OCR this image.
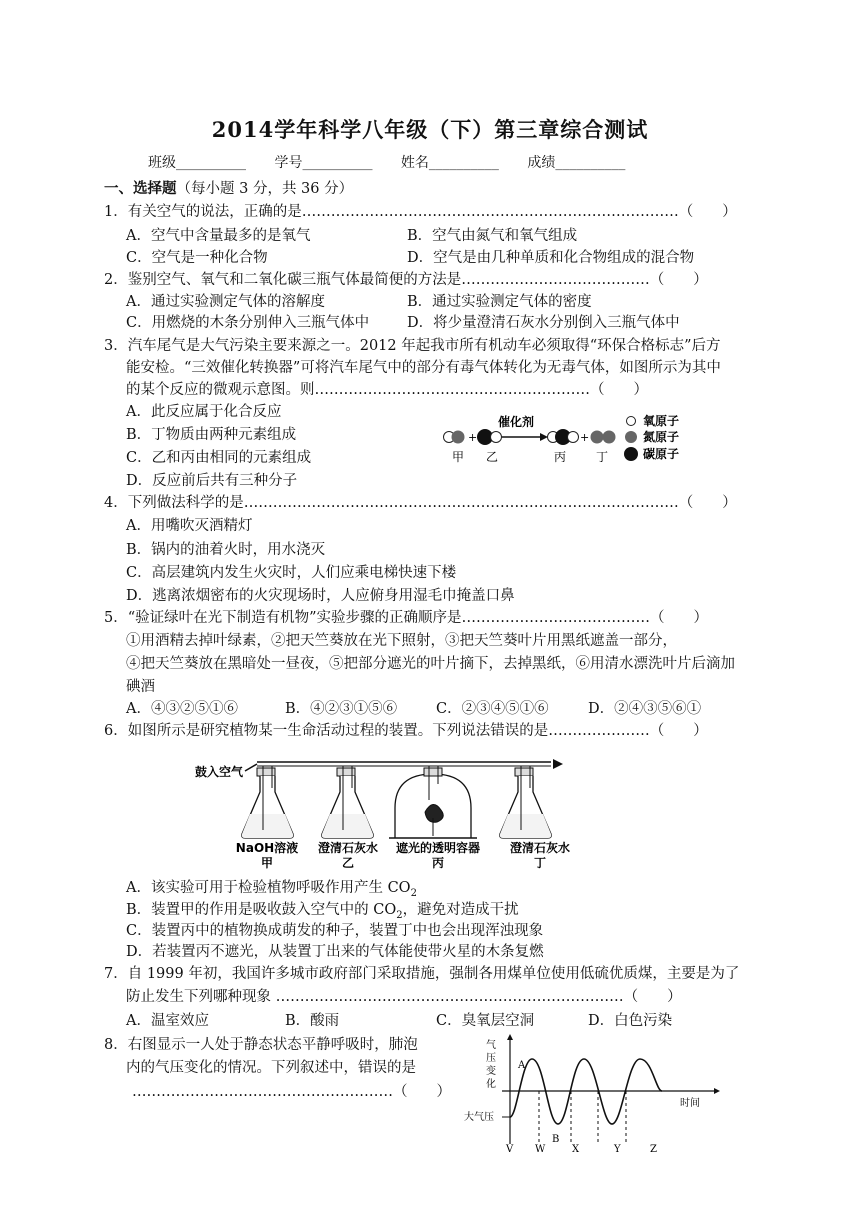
2014学年科学八年级（下）第三章综合测试
班级__________ 学号__________ 姓名__________ 成绩__________
一、选择题（每小题 3 分，共 36 分）
1．有关空气的说法，正确的是……………………………………………………………………（　　）
A．空气中含量最多的是氧气	B．空气由氮气和氧气组成
C．空气是一种化合物	D．空气是由几种单质和化合物组成的混合物
2．鉴别空气、氧气和二氧化碳三瓶气体最简便的方法是…………………………………（　　）
A．通过实验测定气体的溶解度	B．通过实验测定气体的密度
C．用燃烧的木条分别伸入三瓶气体中	D．将少量澄清石灰水分别倒入三瓶气体中
3．汽车尾气是大气污染主要来源之一。2012 年起我市所有机动车必须取得“环保合格标志”后方
能安检。“三效催化转换器”可将汽车尾气中的部分有毒气体转化为无毒气体，如图所示为其中
的某个反应的微观示意图。则…………………………………………………（　　）
A．此反应属于化合反应
B．丁物质由两种元素组成
C．乙和丙由相同的元素组成
D．反应前后共有三种分子
+
催化剂
+
甲 乙	丙 丁
氧原子
氮原子
碳原子
4．下列做法科学的是………………………………………………………………………………（　　）
A．用嘴吹灭酒精灯
B．锅内的油着火时，用水浇灭
C．高层建筑内发生火灾时，人们应乘电梯快速下楼
D．逃离浓烟密布的火灾现场时，人应俯身用湿毛巾掩盖口鼻
5．“验证绿叶在光下制造有机物”实验步骤的正确顺序是…………………………………（　　）
①用酒精去掉叶绿素，②把天竺葵放在光下照射，③把天竺葵叶片用黑纸遮盖一部分，
④把天竺葵放在黑暗处一昼夜，⑤把部分遮光的叶片摘下，去掉黑纸，⑥用清水漂洗叶片后滴加
碘酒
A．④③②⑤①⑥	B．④②③①⑤⑥	C．②③④⑤①⑥	D．②④③⑤⑥①
6．如图所示是研究植物某一生命活动过程的装置。下列说法错误的是…………………（　　）
鼓入空气
NaOH溶液
甲
澄清石灰水
乙
遮光的透明容器
丙
澄清石灰水
丁
A．该实验可用于检验植物呼吸作用产生 $CO_2$
B．装置甲的作用是吸收鼓入空气中的 $CO_2$，避免对造成干扰
C．装置丙中的植物换成萌发的种子，装置丁中也会出现浑浊现象
D．若装置丙不遮光，从装置丁出来的气体能使带火星的木条复燃
7．自 1999 年初，我国许多城市政府部门采取措施，强制各用煤单位使用低硫优质煤，主要是为了
防止发生下列哪种现象 ………………………………………………………………（　　）
A．温室效应	B．酸雨	C．臭氧层空洞	D．白色污染
8．右图显示一人处于静态状态平静呼吸时，肺泡
内的气压变化的情况。下列叙述中，错误的是
………………………………………………（　　）
气
压
变
化
时间
大气压
A
B
V W	X	Y	Z
